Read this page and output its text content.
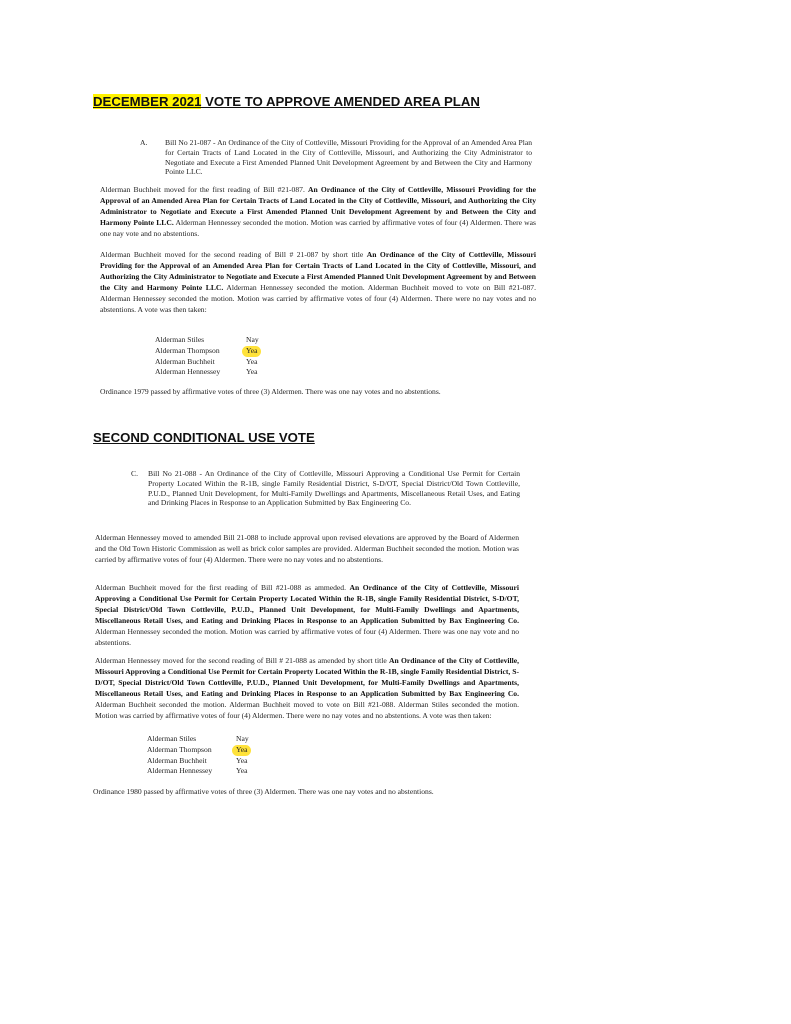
DECEMBER 2021 VOTE TO APPROVE AMENDED AREA PLAN
A. Bill No 21-087 - An Ordinance of the City of Cottleville, Missouri Providing for the Approval of an Amended Area Plan for Certain Tracts of Land Located in the City of Cottleville, Missouri, and Authorizing the City Administrator to Negotiate and Execute a First Amended Planned Unit Development Agreement by and Between the City and Harmony Pointe LLC.

Alderman Buchheit moved for the first reading of Bill #21-087. An Ordinance of the City of Cottleville, Missouri Providing for the Approval of an Amended Area Plan for Certain Tracts of Land Located in the City of Cottleville, Missouri, and Authorizing the City Administrator to Negotiate and Execute a First Amended Planned Unit Development Agreement by and Between the City and Harmony Pointe LLC. Alderman Hennessey seconded the motion. Motion was carried by affirmative votes of four (4) Aldermen. There was one nay vote and no abstentions.

Alderman Buchheit moved for the second reading of Bill # 21-087 by short title An Ordinance of the City of Cottleville, Missouri Providing for the Approval of an Amended Area Plan for Certain Tracts of Land Located in the City of Cottleville, Missouri, and Authorizing the City Administrator to Negotiate and Execute a First Amended Planned Unit Development Agreement by and Between the City and Harmony Pointe LLC. Alderman Hennessey seconded the motion. Alderman Buchheit moved to vote on Bill #21-087. Alderman Hennessey seconded the motion. Motion was carried by affirmative votes of four (4) Aldermen. There were no nay votes and no abstentions. A vote was then taken:

Alderman Stiles	Nay
Alderman Thompson	Yea
Alderman Buchheit	Yea
Alderman Hennessey	Yea
Ordinance 1979 passed by affirmative votes of three (3) Aldermen. There was one nay votes and no abstentions.
SECOND CONDITIONAL USE VOTE
C. Bill No 21-088 - An Ordinance of the City of Cottleville, Missouri Approving a Conditional Use Permit for Certain Property Located Within the R-1B, single Family Residential District, S-D/OT, Special District/Old Town Cottleville, P.U.D., Planned Unit Development, for Multi-Family Dwellings and Apartments, Miscellaneous Retail Uses, and Eating and Drinking Places in Response to an Application Submitted by Bax Engineering Co.

Alderman Hennessey moved to amended Bill 21-088 to include approval upon revised elevations are approved by the Board of Aldermen and the Old Town Historic Commission as well as brick color samples are provided. Alderman Buchheit seconded the motion. Motion was carried by affirmative votes of four (4) Aldermen. There were no nay votes and no abstentions.

Alderman Buchheit moved for the first reading of Bill #21-088 as ammeded. An Ordinance of the City of Cottleville, Missouri Approving a Conditional Use Permit for Certain Property Located Within the R-1B, single Family Residential District, S-D/OT, Special District/Old Town Cottleville, P.U.D., Planned Unit Development, for Multi-Family Dwellings and Apartments, Miscellaneous Retail Uses, and Eating and Drinking Places in Response to an Application Submitted by Bax Engineering Co. Alderman Hennessey seconded the motion. Motion was carried by affirmative votes of four (4) Aldermen. There was one nay vote and no abstentions.

Alderman Hennessey moved for the second reading of Bill # 21-088 as amended by short title An Ordinance of the City of Cottleville, Missouri Approving a Conditional Use Permit for Certain Property Located Within the R-1B, single Family Residential District, S-D/OT, Special District/Old Town Cottleville, P.U.D., Planned Unit Development, for Multi-Family Dwellings and Apartments, Miscellaneous Retail Uses, and Eating and Drinking Places in Response to an Application Submitted by Bax Engineering Co. Alderman Buchheit seconded the motion. Alderman Buchheit moved to vote on Bill #21-088. Alderman Stiles seconded the motion. Motion was carried by affirmative votes of four (4) Aldermen. There were no nay votes and no abstentions. A vote was then taken:

Alderman Stiles	Nay
Alderman Thompson	Yea
Alderman Buchheit	Yea
Alderman Hennessey	Yea
Ordinance 1980 passed by affirmative votes of three (3) Aldermen. There was one nay votes and no abstentions.
